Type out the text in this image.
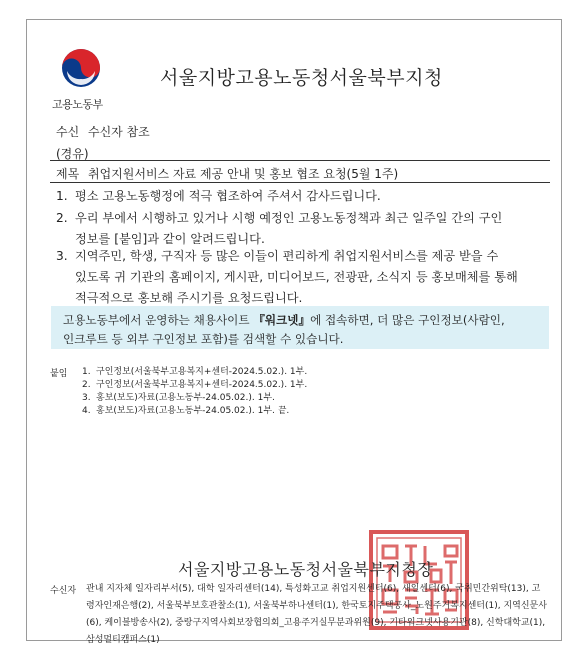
고용노동부
서울지방고용노동청서울북부지청
수신 수신자 참조
(경유)
제목 취업지원서비스 자료 제공 안내 및 홍보 협조 요청(5월 1주)
1. 평소 고용노동행정에 적극 협조하여 주셔서 감사드립니다.
2. 우리 부에서 시행하고 있거나 시행 예정인 고용노동정책과 최근 일주일 간의 구인
정보를 [붙임]과 같이 알려드립니다.
3. 지역주민, 학생, 구직자 등 많은 이들이 편리하게 취업지원서비스를 제공 받을 수
있도록 귀 기관의 홈페이지, 게시판, 미디어보드, 전광판, 소식지 등 홍보매체를 통해
적극적으로 홍보해 주시기를 요청드립니다.
고용노동부에서 운영하는 채용사이트 『워크넷』에 접속하면, 더 많은 구인정보(사람인,
인크루트 등 외부 구인정보 포함)를 검색할 수 있습니다.
붙임 1. 구인정보(서울북부고용복지+센터-2024.5.02.). 1부.
2. 구인정보(서울북부고용복지+센터-2024.5.02.). 1부.
3. 홍보(보도)자료(고용노동부-24.05.02.). 1부.
4. 홍보(보도)자료(고용노동부-24.05.02.). 1부. 끝.
서울지방고용노동청서울북부지청장
수신자 관내 지자체 일자리부서(5), 대학 일자리센터(14), 특성화고교 취업지원센터(6), 새일센터(6), 국취민간위탁(13), 고령자인재은행(2), 서울북부보호관찰소(1), 서울북부하나센터(1), 한국토지주택공사_노원주거복지센터(1), 지역신문사(6), 케이블방송사(2), 중랑구지역사회보장협의회_고용주거실무분과위원(9), 기타워크넷사용기관(8), 신학대학교(1), 삼성멀티캠퍼스(1)
